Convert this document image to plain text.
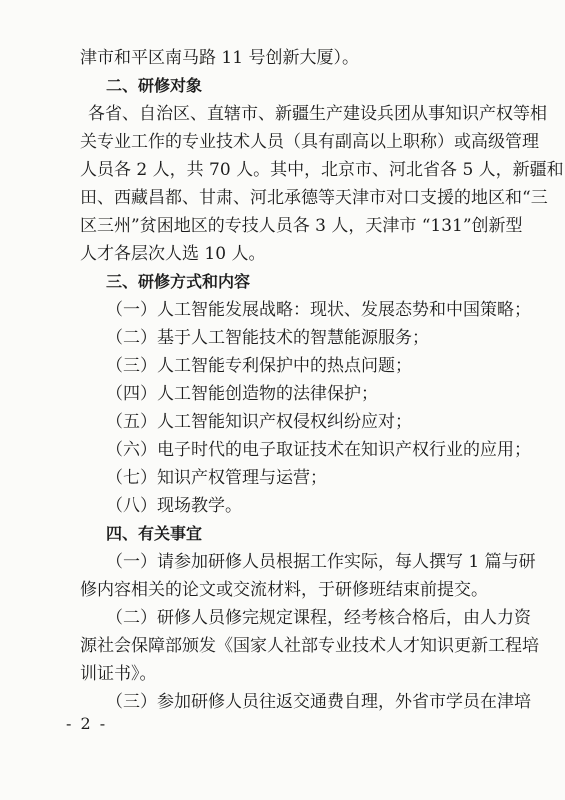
津市和平区南马路 11 号创新大厦）。
二、研修对象
各省、自治区、直辖市、新疆生产建设兵团从事知识产权等相
关专业工作的专业技术人员（具有副高以上职称）或高级管理
人员各 2 人，共 70 人。其中，北京市、河北省各 5 人，新疆和
田、西藏昌都、甘肃、河北承德等天津市对口支援的地区和“三
区三州”贫困地区的专技人员各 3 人，天津市 “131”创新型
人才各层次人选 10 人。
三、研修方式和内容
（一）人工智能发展战略：现状、发展态势和中国策略；
（二）基于人工智能技术的智慧能源服务；
（三）人工智能专利保护中的热点问题；
（四）人工智能创造物的法律保护；
（五）人工智能知识产权侵权纠纷应对；
（六）电子时代的电子取证技术在知识产权行业的应用；
（七）知识产权管理与运营；
（八）现场教学。
四、有关事宜
（一）请参加研修人员根据工作实际，每人撰写 1 篇与研
修内容相关的论文或交流材料，于研修班结束前提交。
（二）研修人员修完规定课程，经考核合格后，由人力资
源社会保障部颁发《国家人社部专业技术人才知识更新工程培
训证书》。
（三）参加研修人员往返交通费自理，外省市学员在津培
- 2 -
